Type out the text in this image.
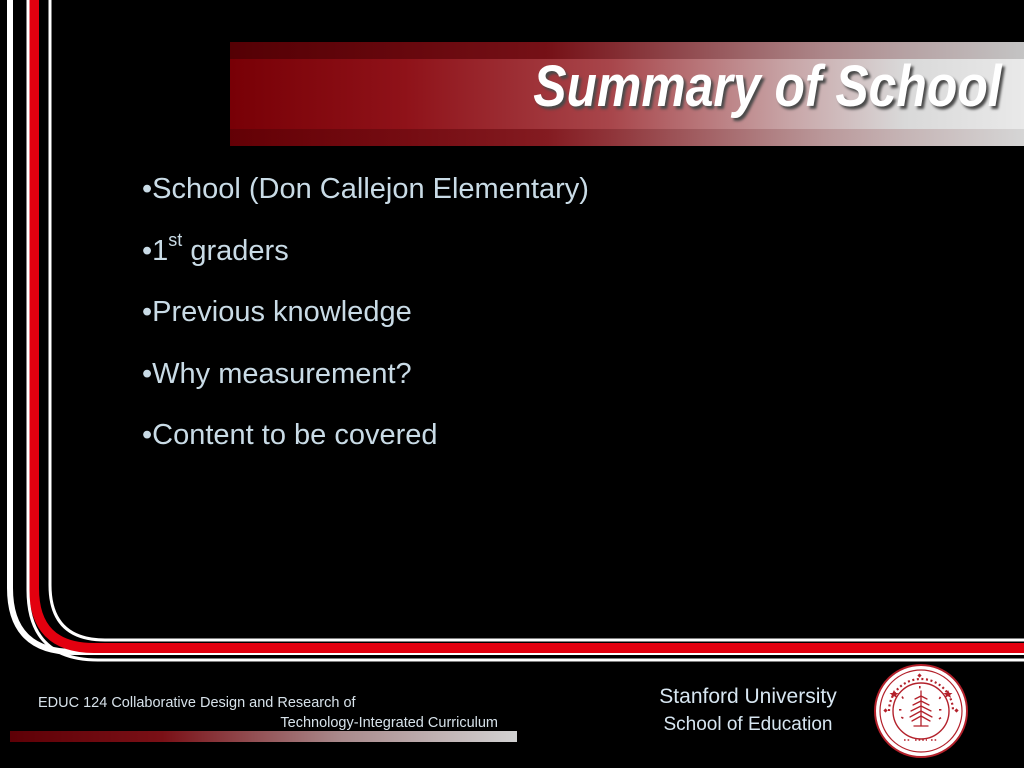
Summary of School
•School (Don Callejon Elementary)
•1st graders
•Previous knowledge
•Why measurement?
•Content to be covered
EDUC 124 Collaborative Design and Research of
Technology-Integrated Curriculum
Stanford University
School of Education
